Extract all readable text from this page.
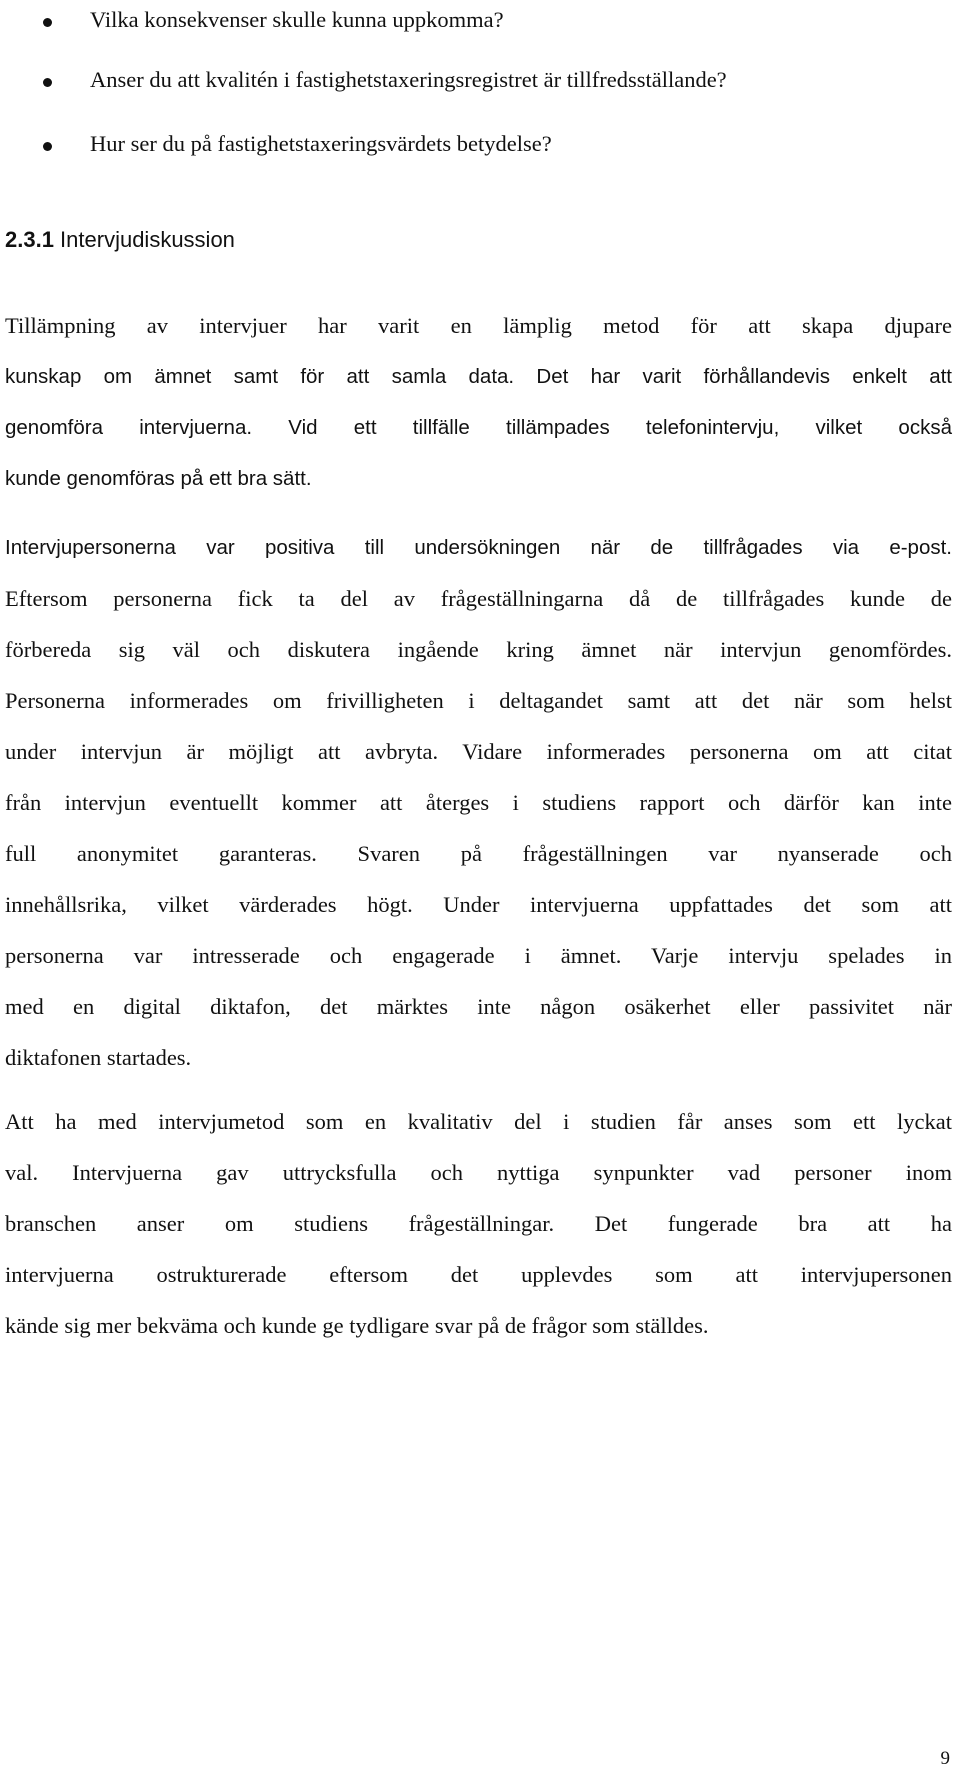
Vilka konsekvenser skulle kunna uppkomma?
Anser du att kvalitén i fastighetstaxeringsregistret är tillfredsställande?
Hur ser du på fastighetstaxeringsvärdets betydelse?
2.3.1 Intervjudiskussion
Tillämpning av intervjuer har varit en lämplig metod för att skapa djupare
kunskap om ämnet samt för att samla data. Det har varit förhållandevis enkelt att
genomföra intervjuerna. Vid ett tillfälle tillämpades telefonintervju, vilket också
kunde genomföras på ett bra sätt.
Intervjupersonerna var positiva till undersökningen när de tillfrågades via e-post.
Eftersom personerna fick ta del av frågeställningarna då de tillfrågades kunde de
förbereda sig väl och diskutera ingående kring ämnet när intervjun genomfördes.
Personerna informerades om frivilligheten i deltagandet samt att det när som helst
under intervjun är möjligt att avbryta. Vidare informerades personerna om att citat
från intervjun eventuellt kommer att återges i studiens rapport och därför kan inte
full anonymitet garanteras. Svaren på frågeställningen var nyanserade och
innehållsrika, vilket värderades högt. Under intervjuerna uppfattades det som att
personerna var intresserade och engagerade i ämnet. Varje intervju spelades in
med en digital diktafon, det märktes inte någon osäkerhet eller passivitet när
diktafonen startades.
Att ha med intervjumetod som en kvalitativ del i studien får anses som ett lyckat
val. Intervjuerna gav uttrycksfulla och nyttiga synpunkter vad personer inom
branschen anser om studiens frågeställningar. Det fungerade bra att ha
intervjuerna ostrukturerade eftersom det upplevdes som att intervjupersonen
kände sig mer bekväma och kunde ge tydligare svar på de frågor som ställdes.
9
